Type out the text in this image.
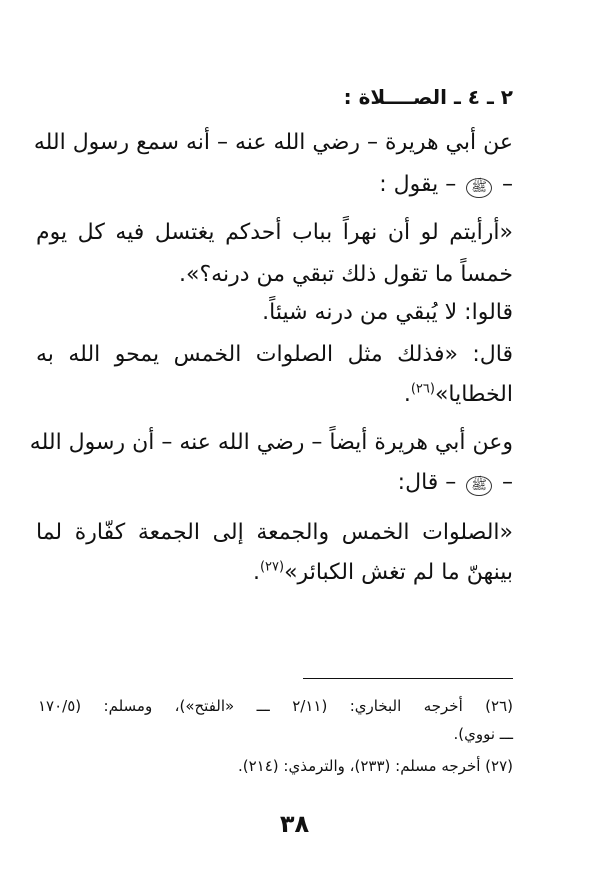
٢ ـ ٤ ـ الصــــلاة :
عن أبي هريرة – رضي الله عنه – أنه سمع رسول الله
– ﷺ – يقول :
«أرأيتم لو أن نهراً بباب أحدكم يغتسل فيه كل يوم
خمساً ما تقول ذلك تبقي من درنه؟».
قالوا: لا يُبقي من درنه شيئاً.
قال: «فذلك مثل الصلوات الخمس يمحو الله به
الخطايا»$^{(٢٦)}$.
وعن أبي هريرة أيضاً – رضي الله عنه – أن رسول الله
– ﷺ – قال:
«الصلوات الخمس والجمعة إلى الجمعة كفّارة لما
بينهنّ ما لم تغش الكبائر»$^{(٢٧)}$.
(٢٦) أخرجه البخاري: (٢/١١ ـــ «الفتح»)، ومسلم: (١٧٠/٥
ـــ نووي).
(٢٧) أخرجه مسلم: (٢٣٣)، والترمذي: (٢١٤).
٣٨
